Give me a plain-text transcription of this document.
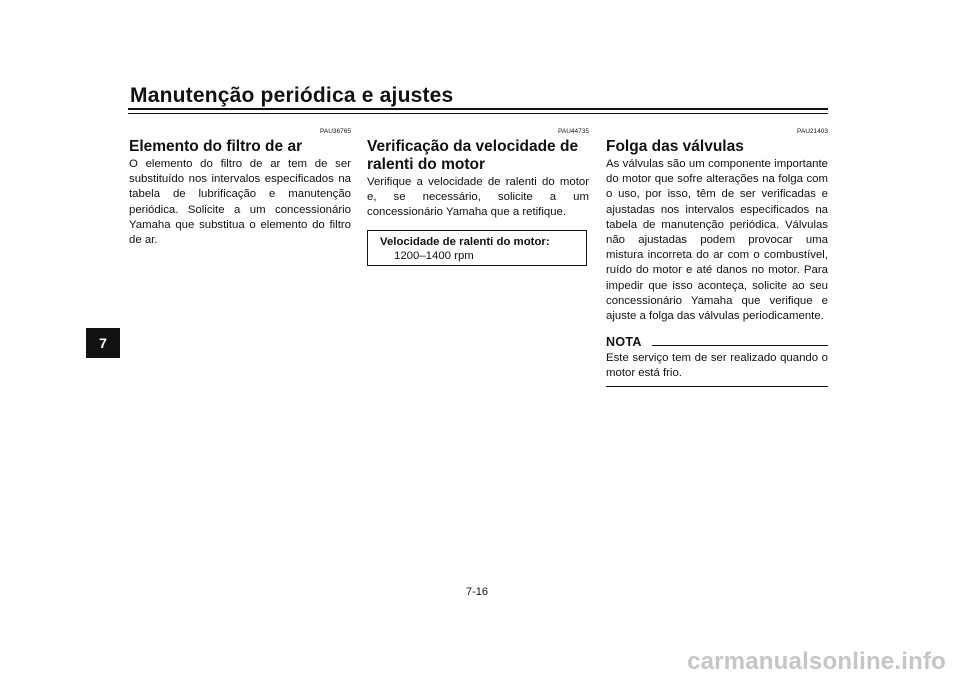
Manutenção periódica e ajustes
7
PAU36765
Elemento do filtro de ar
O elemento do filtro de ar tem de ser substituído nos intervalos especificados na tabela de lubrificação e manutenção periódica. Solicite a um concessionário Yamaha que substitua o elemento do filtro de ar.
PAU44735
Verificação da velocidade de ralenti do motor
Verifique a velocidade de ralenti do motor e, se necessário, solicite a um concessionário Yamaha que a retifique.
Velocidade de ralenti do motor:
1200–1400 rpm
PAU21403
Folga das válvulas
As válvulas são um componente importante do motor que sofre alterações na folga com o uso, por isso, têm de ser verificadas e ajustadas nos intervalos especificados na tabela de manutenção periódica. Válvulas não ajustadas podem provocar uma mistura incorreta do ar com o combustível, ruído do motor e até danos no motor. Para impedir que isso aconteça, solicite ao seu concessionário Yamaha que verifique e ajuste a folga das válvulas periodicamente.
NOTA
Este serviço tem de ser realizado quando o motor está frio.
7-16
carmanualsonline.info
